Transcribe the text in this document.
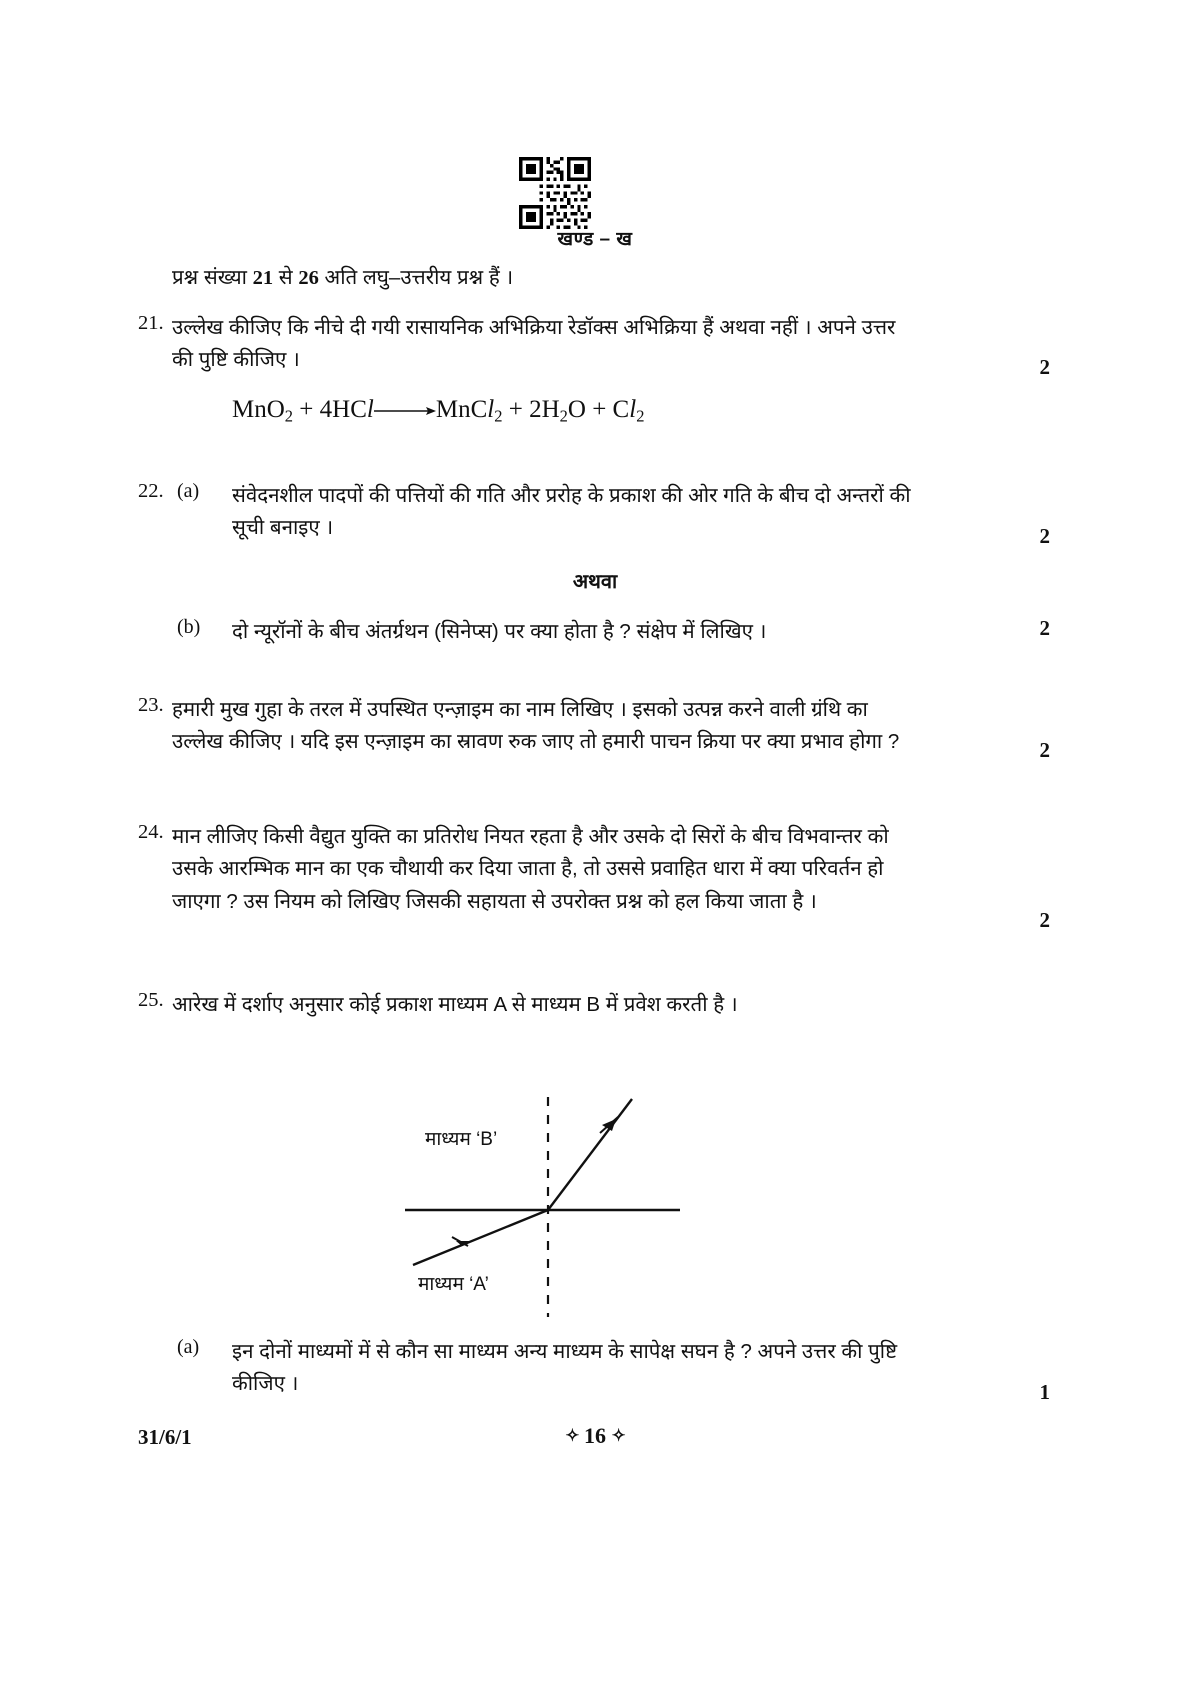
खण्ड – ख
प्रश्न संख्या 21 से 26 अति लघु–उत्तरीय प्रश्न हैं ।
21. उल्लेख कीजिए कि नीचे दी गयी रासायनिक अभिक्रिया रेडॉक्स अभिक्रिया हैं अथवा नहीं । अपने उत्तर
की पुष्टि कीजिए ।	2
MnO$_2$ + 4HCl→MnCl$_2$ + $2H_2O + Cl_2$
22. (a) संवेदनशील पादपों की पत्तियों की गति और प्ररोह के प्रकाश की ओर गति के बीच दो अन्तरों की
सूची बनाइए ।	2
अथवा
(b) दो न्यूरॉनों के बीच अंतर्ग्रथन (सिनेप्स) पर क्या होता है ? संक्षेप में लिखिए ।	2
23. हमारी मुख गुहा के तरल में उपस्थित एन्ज़ाइम का नाम लिखिए । इसको उत्पन्न करने वाली ग्रंथि का
उल्लेख कीजिए । यदि इस एन्ज़ाइम का स्रावण रुक जाए तो हमारी पाचन क्रिया पर क्या प्रभाव होगा ?	2
24. मान लीजिए किसी वैद्युत युक्ति का प्रतिरोध नियत रहता है और उसके दो सिरों के बीच विभवान्तर को
उसके आरम्भिक मान का एक चौथायी कर दिया जाता है, तो उससे प्रवाहित धारा में क्या परिवर्तन हो
जाएगा ? उस नियम को लिखिए जिसकी सहायता से उपरोक्त प्रश्न को हल किया जाता है ।
2
25. आरेख में दर्शाए अनुसार कोई प्रकाश माध्यम A से माध्यम B में प्रवेश करती है ।
माध्यम ‘B’
माध्यम ‘A’
(a) इन दोनों माध्यमों में से कौन सा माध्यम अन्य माध्यम के सापेक्ष सघन है ? अपने उत्तर की पुष्टि
कीजिए ।	1
31/6/1	✧ 16 ✧
